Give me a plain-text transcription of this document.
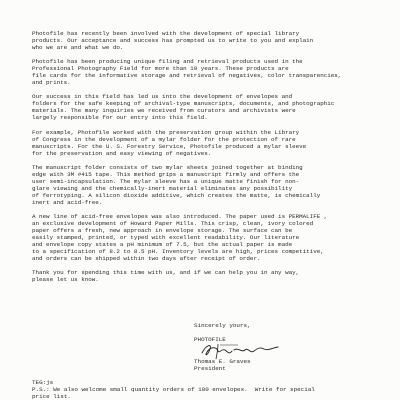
Photofile has recently been involved with the development of special library
products. Our acceptance and success has prompted us to write to you and explain
who we are and what we do.

Photofile has been producing unique filing and retrieval products used in the
Professional Photography Field for more than 10 years. These products are
file cards for the informative storage and retrieval of negatives, color transparencies,
and prints.

Our success in this field has led us into the development of envelopes and
folders for the safe keeping of archival-type manuscripts, documents, and photographic
materials. The many inquiries we received from curators and archivists were
largely responsible for our entry into this field.

For example, Photofile worked with the preservation group within the Library
of Congress in the development of a mylar folder for the protection of rare
manuscripts. For the U. S. Forestry Service, Photofile produced a mylar sleeve
for the preservation and easy viewing of negatives.

The manuscript folder consists of two mylar sheets joined together at binding
edge with 3M #415 tape. This method grips a manuscript firmly and offers the
user semi-incapsulation. The mylar sleeve has a unique matte finish for non-
glare viewing and the chemically-inert material eliminates any possibility
of ferrotyping. A silicon dioxide additive, which creates the matte, is chemically
inert and acid-free.

A new line of acid-free envelopes was also introduced. The paper used is PERMALIFE ,
an exclusive development of Howard Paper Mills. This crisp, clean, ivory colored
paper offers a fresh, new approach in envelope storage. The surface can be
easily stamped, printed, or typed with excellent readability. Our literature
and envelope copy states a pH minimum of 7.5, but the actual paper is made
to a specification of 8.2 to 8.5 pH. Inventory levels are high, prices competitive,
and orders can be shipped within two days after receipt of order.

Thank you for spending this time with us, and if we can help you in any way,
please let us know.

Sincerely yours,
PHOTOFILE
Thomas E. Graves
President
TEG:js
P.S.: We also welcome small quantity orders of 100 envelopes.  Write for special
price list.
